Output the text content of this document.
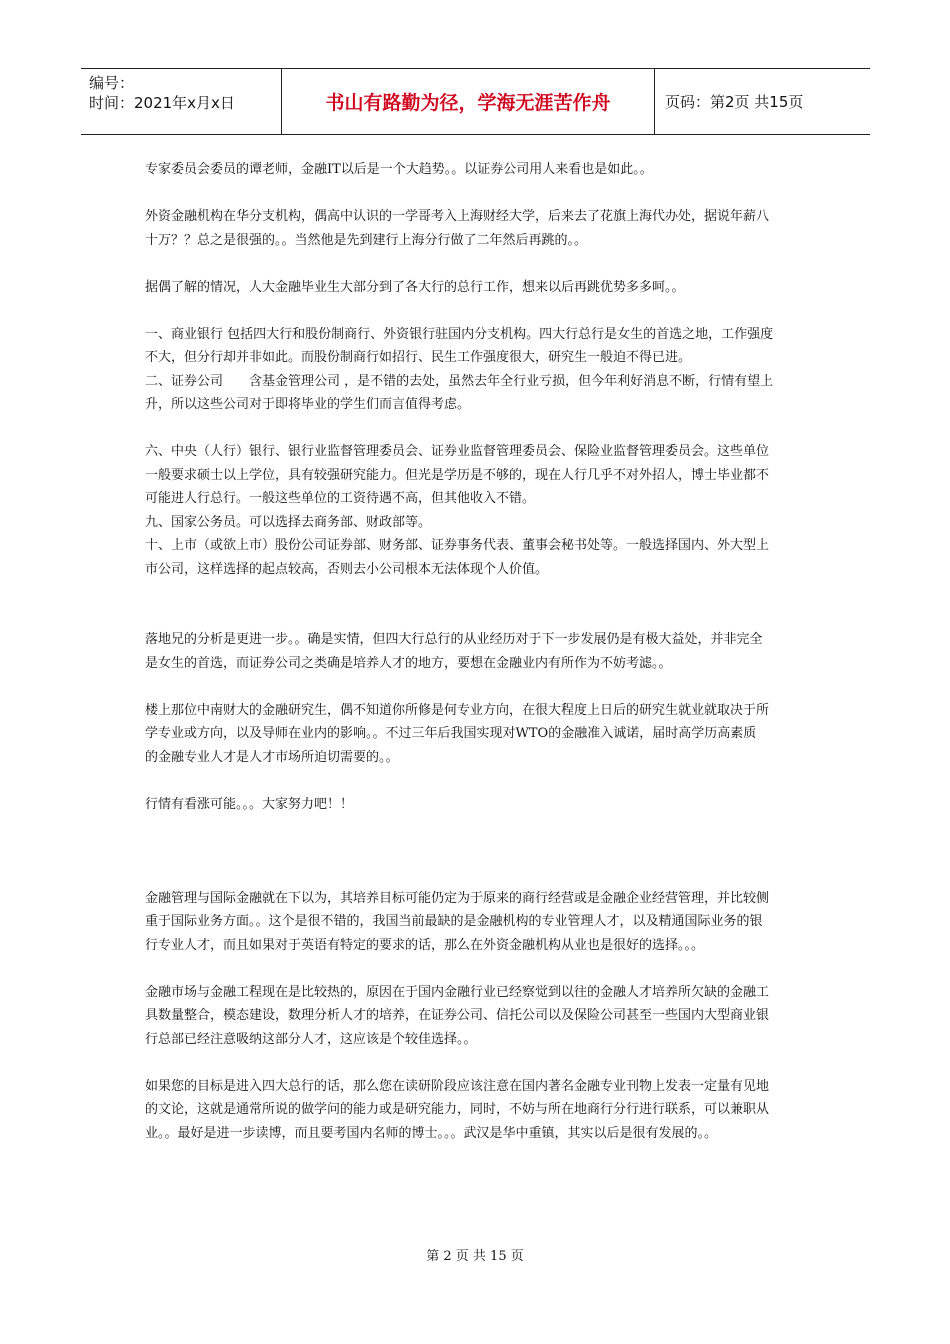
编号：
时间：2021年x月x日	书山有路勤为径，学海无涯苦作舟	页码：第2页 共15页

专家委员会委员的谭老师，金融IT以后是一个大趋势。。以证券公司用人来看也是如此。。

外资金融机构在华分支机构，偶高中认识的一学哥考入上海财经大学，后来去了花旗上海代办处，据说年薪八

十万？？总之是很强的。。当然他是先到建行上海分行做了二年然后再跳的。。

据偶了解的情况，人大金融毕业生大部分到了各大行的总行工作，想来以后再跳优势多多呵。。

一、商业银行 包括四大行和股份制商行、外资银行驻国内分支机构。四大行总行是女生的首选之地，工作强度

不大，但分行却并非如此。而股份制商行如招行、民生工作强度很大，研究生一般迫不得已进。

二、证券公司　　含基金管理公司 ，是不错的去处，虽然去年全行业亏损，但今年利好消息不断，行情有望上

升，所以这些公司对于即将毕业的学生们而言值得考虑。

六、中央（人行）银行、银行业监督管理委员会、证券业监督管理委员会、保险业监督管理委员会。这些单位

一般要求硕士以上学位，具有较强研究能力。但光是学历是不够的，现在人行几乎不对外招人，博士毕业都不

可能进人行总行。一般这些单位的工资待遇不高，但其他收入不错。

九、国家公务员。可以选择去商务部、财政部等。

十、上市（或欲上市）股份公司证券部、财务部、证券事务代表、董事会秘书处等。一般选择国内、外大型上

市公司，这样选择的起点较高，否则去小公司根本无法体现个人价值。

落地兄的分析是更进一步。。确是实情，但四大行总行的从业经历对于下一步发展仍是有极大益处，并非完全

是女生的首选，而证券公司之类确是培养人才的地方，要想在金融业内有所作为不妨考滤。。

楼上那位中南财大的金融研究生，偶不知道你所修是何专业方向，在很大程度上日后的研究生就业就取决于所

学专业或方向，以及导师在业内的影响。。不过三年后我国实现对WTO的金融准入诚诺，届时高学历高素质

的金融专业人才是人才市场所迫切需要的。。

行情有看涨可能。。。大家努力吧！！

金融管理与国际金融就在下以为，其培养目标可能仍定为于原来的商行经营或是金融企业经营管理，并比较侧

重于国际业务方面。。这个是很不错的，我国当前最缺的是金融机构的专业管理人才，以及精通国际业务的银

行专业人才，而且如果对于英语有特定的要求的话，那么在外资金融机构从业也是很好的选择。。。

金融市场与金融工程现在是比较热的，原因在于国内金融行业已经察觉到以往的金融人才培养所欠缺的金融工

具数量整合，模态建设，数理分析人才的培养，在证券公司、信托公司以及保险公司甚至一些国内大型商业银

行总部已经注意吸纳这部分人才，这应该是个较佳选择。。

如果您的目标是进入四大总行的话，那么您在读研阶段应该注意在国内著名金融专业刊物上发表一定量有见地

的文论，这就是通常所说的做学问的能力或是研究能力，同时，不妨与所在地商行分行进行联系，可以兼职从

业。。最好是进一步读博，而且要考国内名师的博士。。。武汉是华中重镇，其实以后是很有发展的。。

第 2 页 共 15 页
